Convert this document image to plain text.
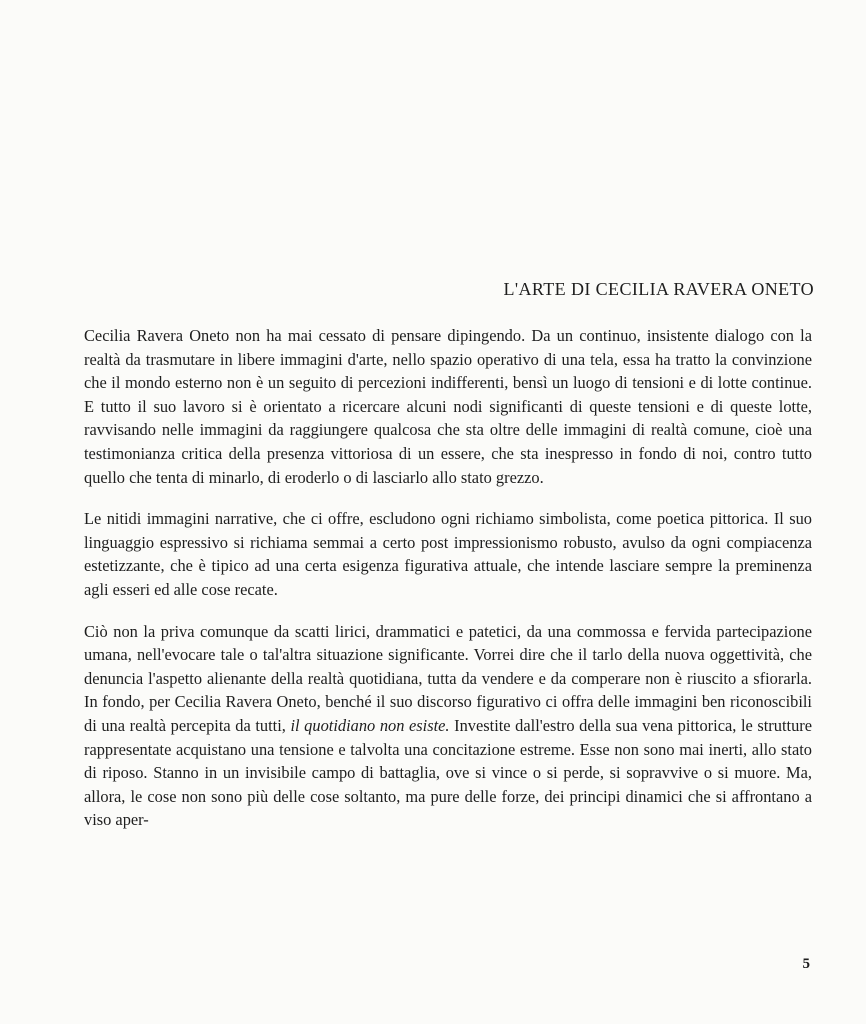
L'ARTE DI CECILIA RAVERA ONETO

Cecilia Ravera Oneto non ha mai cessato di pensare dipingendo. Da un continuo, insistente dialogo con la realtà da trasmutare in libere immagini d'arte, nello spazio operativo di una tela, essa ha tratto la convinzione che il mondo esterno non è un seguito di percezioni indifferenti, bensì un luogo di tensioni e di lotte continue. E tutto il suo lavoro si è orientato a ricercare alcuni nodi significanti di queste tensioni e di queste lotte, ravvisando nelle immagini da raggiungere qualcosa che sta oltre delle immagini di realtà comune, cioè una testimonianza critica della presenza vittoriosa di un essere, che sta inespresso in fondo di noi, contro tutto quello che tenta di minarlo, di eroderlo o di lasciarlo allo stato grezzo.

Le nitidi immagini narrative, che ci offre, escludono ogni richiamo simbolista, come poetica pittorica. Il suo linguaggio espressivo si richiama semmai a certo post impressionismo robusto, avulso da ogni compiacenza estetizzante, che è tipico ad una certa esigenza figurativa attuale, che intende lasciare sempre la preminenza agli esseri ed alle cose recate.

Ciò non la priva comunque da scatti lirici, drammatici e patetici, da una commossa e fervida partecipazione umana, nell'evocare tale o tal'altra situazione significante. Vorrei dire che il tarlo della nuova oggettività, che denuncia l'aspetto alienante della realtà quotidiana, tutta da vendere e da comperare non è riuscito a sfiorarla. In fondo, per Cecilia Ravera Oneto, benché il suo discorso figurativo ci offra delle immagini ben riconoscibili di una realtà percepita da tutti, il quotidiano non esiste. Investite dall'estro della sua vena pittorica, le strutture rappresentate acquistano una tensione e talvolta una concitazione estreme. Esse non sono mai inerti, allo stato di riposo. Stanno in un invisibile campo di battaglia, ove si vince o si perde, si sopravvive o si muore. Ma, allora, le cose non sono più delle cose soltanto, ma pure delle forze, dei principi dinamici che si affrontano a viso aper-

5
